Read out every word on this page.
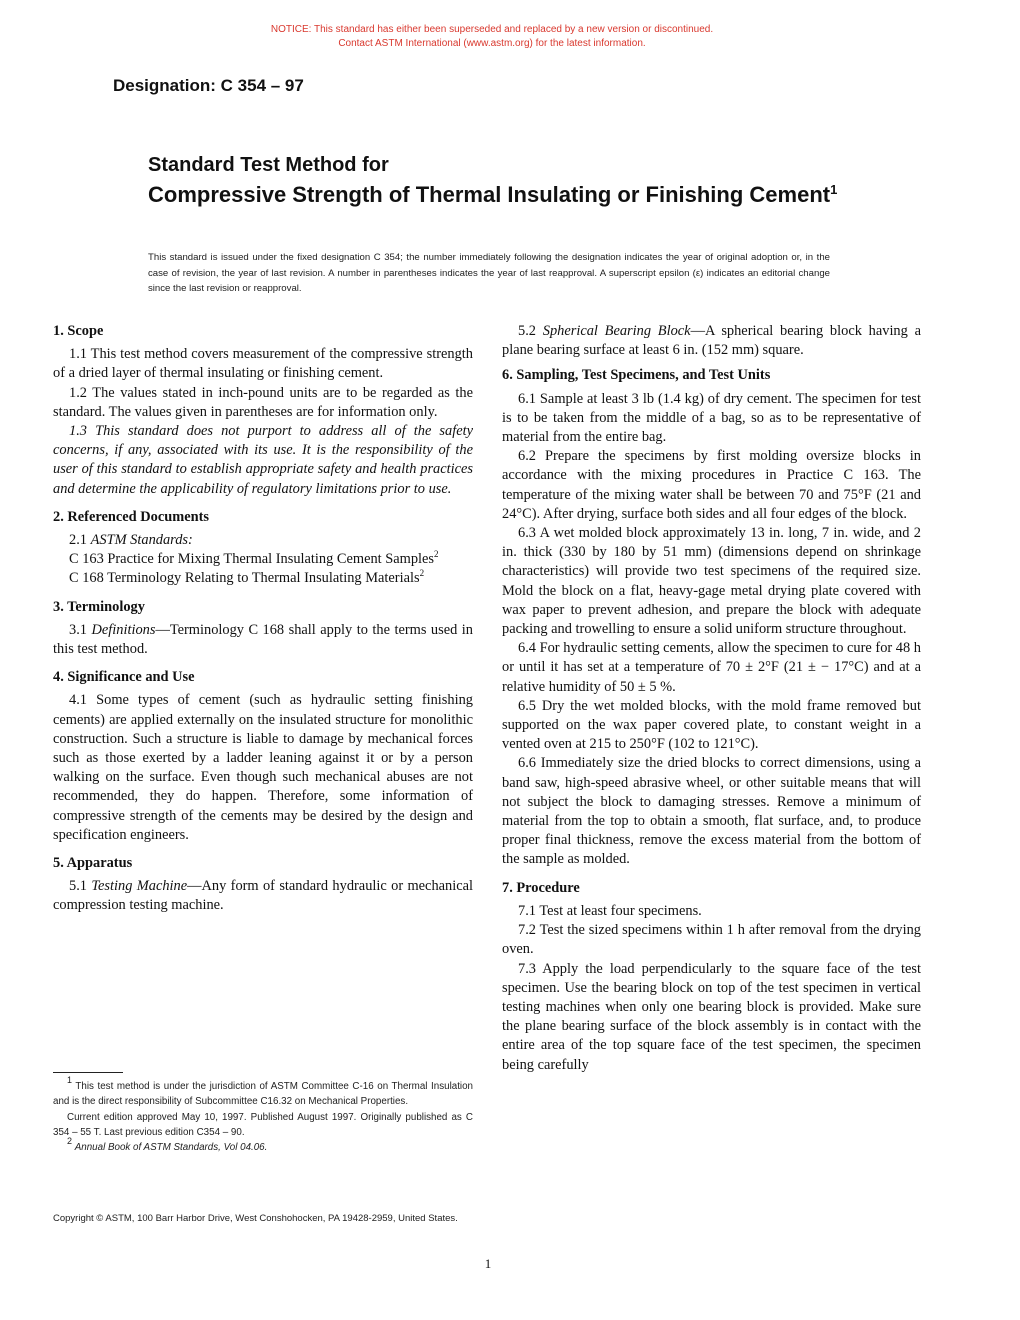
NOTICE: This standard has either been superseded and replaced by a new version or discontinued.
Contact ASTM International (www.astm.org) for the latest information.
Designation: C 354 – 97
Standard Test Method for
Compressive Strength of Thermal Insulating or Finishing Cement$^1$
This standard is issued under the fixed designation C 354; the number immediately following the designation indicates the year of original adoption or, in the case of revision, the year of last revision. A number in parentheses indicates the year of last reapproval. A superscript epsilon (ε) indicates an editorial change since the last revision or reapproval.
1. Scope

1.1 This test method covers measurement of the compressive strength of a dried layer of thermal insulating or finishing cement.

1.2 The values stated in inch-pound units are to be regarded as the standard. The values given in parentheses are for information only.

1.3 This standard does not purport to address all of the safety concerns, if any, associated with its use. It is the responsibility of the user of this standard to establish appropriate safety and health practices and determine the applicability of regulatory limitations prior to use.

2. Referenced Documents

2.1 ASTM Standards:

C 163 Practice for Mixing Thermal Insulating Cement Samples$^2$

C 168 Terminology Relating to Thermal Insulating Materials$^2$

3. Terminology

3.1 Definitions—Terminology C 168 shall apply to the terms used in this test method.

4. Significance and Use

4.1 Some types of cement (such as hydraulic setting finishing cements) are applied externally on the insulated structure for monolithic construction. Such a structure is liable to damage by mechanical forces such as those exerted by a ladder leaning against it or by a person walking on the surface. Even though such mechanical abuses are not recommended, they do happen. Therefore, some information of compressive strength of the cements may be desired by the design and specification engineers.

5. Apparatus

5.1 Testing Machine—Any form of standard hydraulic or mechanical compression testing machine.

5.2 Spherical Bearing Block—A spherical bearing block having a plane bearing surface at least 6 in. (152 mm) square.

6. Sampling, Test Specimens, and Test Units

6.1 Sample at least 3 lb (1.4 kg) of dry cement. The specimen for test is to be taken from the middle of a bag, so as to be representative of material from the entire bag.

6.2 Prepare the specimens by first molding oversize blocks in accordance with the mixing procedures in Practice C 163. The temperature of the mixing water shall be between 70 and 75°F (21 and 24°C). After drying, surface both sides and all four edges of the block.

6.3 A wet molded block approximately 13 in. long, 7 in. wide, and 2 in. thick (330 by 180 by 51 mm) (dimensions depend on shrinkage characteristics) will provide two test specimens of the required size. Mold the block on a flat, heavy-gage metal drying plate covered with wax paper to prevent adhesion, and prepare the block with adequate packing and trowelling to ensure a solid uniform structure throughout.

6.4 For hydraulic setting cements, allow the specimen to cure for 48 h or until it has set at a temperature of 70 ± 2°F (21 ± − 17°C) and at a relative humidity of 50 ± 5 %.

6.5 Dry the wet molded blocks, with the mold frame removed but supported on the wax paper covered plate, to constant weight in a vented oven at 215 to 250°F (102 to 121°C).

6.6 Immediately size the dried blocks to correct dimensions, using a band saw, high-speed abrasive wheel, or other suitable means that will not subject the block to damaging stresses. Remove a minimum of material from the top to obtain a smooth, flat surface, and, to produce proper final thickness, remove the excess material from the bottom of the sample as molded.

7. Procedure

7.1 Test at least four specimens.

7.2 Test the sized specimens within 1 h after removal from the drying oven.

7.3 Apply the load perpendicularly to the square face of the test specimen. Use the bearing block on top of the test specimen in vertical testing machines when only one bearing block is provided. Make sure the plane bearing surface of the block assembly is in contact with the entire area of the top square face of the test specimen, the specimen being carefully

$^1$ This test method is under the jurisdiction of ASTM Committee C-16 on Thermal Insulation and is the direct responsibility of Subcommittee C16.32 on Mechanical Properties.

Current edition approved May 10, 1997. Published August 1997. Originally published as C 354 – 55 T. Last previous edition C354 – 90.

$^2$ Annual Book of ASTM Standards, Vol 04.06.

Copyright © ASTM, 100 Barr Harbor Drive, West Conshohocken, PA 19428-2959, United States.
1
